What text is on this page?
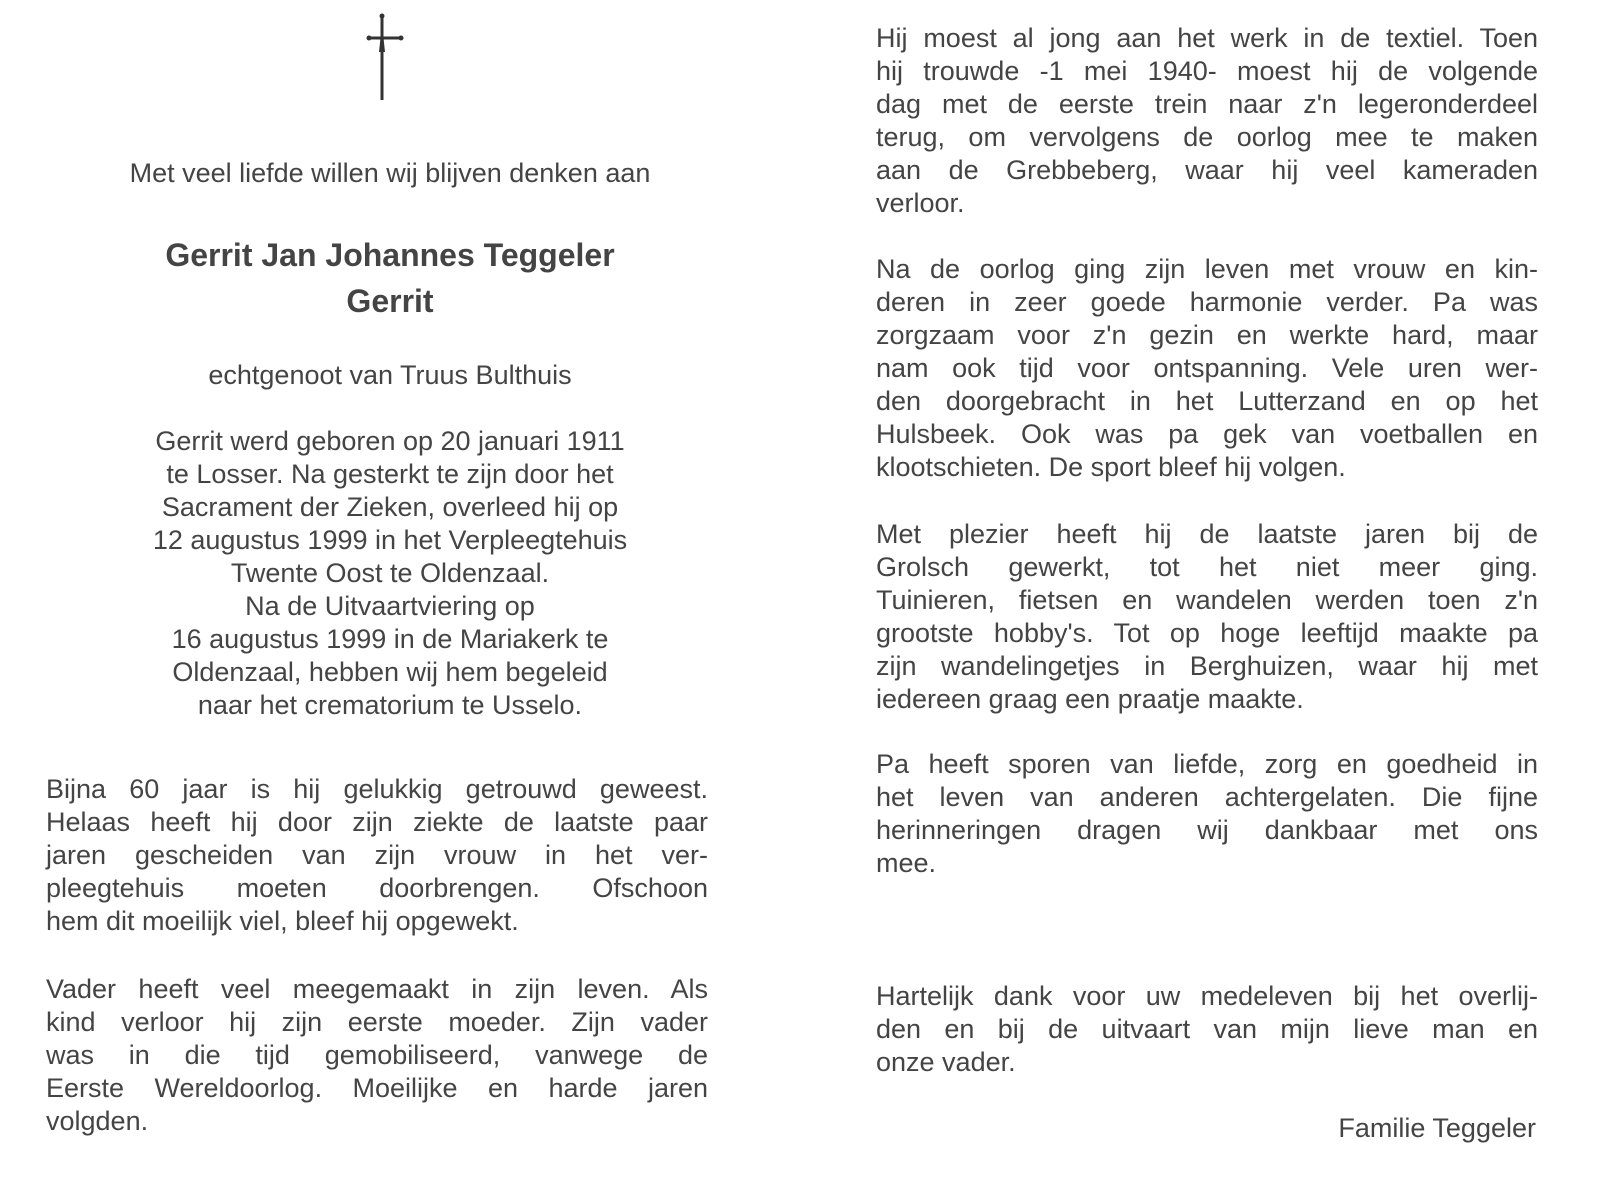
Met veel liefde willen wij blijven denken aan
Gerrit Jan Johannes Teggeler
Gerrit
echtgenoot van Truus Bulthuis
Gerrit werd geboren op 20 januari 1911
te Losser. Na gesterkt te zijn door het
Sacrament der Zieken, overleed hij op
12 augustus 1999 in het Verpleegtehuis
Twente Oost te Oldenzaal.
Na de Uitvaartviering op
16 augustus 1999 in de Mariakerk te
Oldenzaal, hebben wij hem begeleid
naar het crematorium te Usselo.
Bijna 60 jaar is hij gelukkig getrouwd geweest.
Helaas heeft hij door zijn ziekte de laatste paar
jaren gescheiden van zijn vrouw in het ver-
pleegtehuis moeten doorbrengen. Ofschoon
hem dit moeilijk viel, bleef hij opgewekt.
Vader heeft veel meegemaakt in zijn leven. Als
kind verloor hij zijn eerste moeder. Zijn vader
was in die tijd gemobiliseerd, vanwege de
Eerste Wereldoorlog. Moeilijke en harde jaren
volgden.
Hij moest al jong aan het werk in de textiel. Toen
hij trouwde -1 mei 1940- moest hij de volgende
dag met de eerste trein naar z'n legeronderdeel
terug, om vervolgens de oorlog mee te maken
aan de Grebbeberg, waar hij veel kameraden
verloor.
Na de oorlog ging zijn leven met vrouw en kin-
deren in zeer goede harmonie verder. Pa was
zorgzaam voor z'n gezin en werkte hard, maar
nam ook tijd voor ontspanning. Vele uren wer-
den doorgebracht in het Lutterzand en op het
Hulsbeek. Ook was pa gek van voetballen en
klootschieten. De sport bleef hij volgen.
Met plezier heeft hij de laatste jaren bij de
Grolsch gewerkt, tot het niet meer ging.
Tuinieren, fietsen en wandelen werden toen z'n
grootste hobby's. Tot op hoge leeftijd maakte pa
zijn wandelingetjes in Berghuizen, waar hij met
iedereen graag een praatje maakte.
Pa heeft sporen van liefde, zorg en goedheid in
het leven van anderen achtergelaten. Die fijne
herinneringen dragen wij dankbaar met ons
mee.
Hartelijk dank voor uw medeleven bij het overlij-
den en bij de uitvaart van mijn lieve man en
onze vader.
Familie Teggeler
